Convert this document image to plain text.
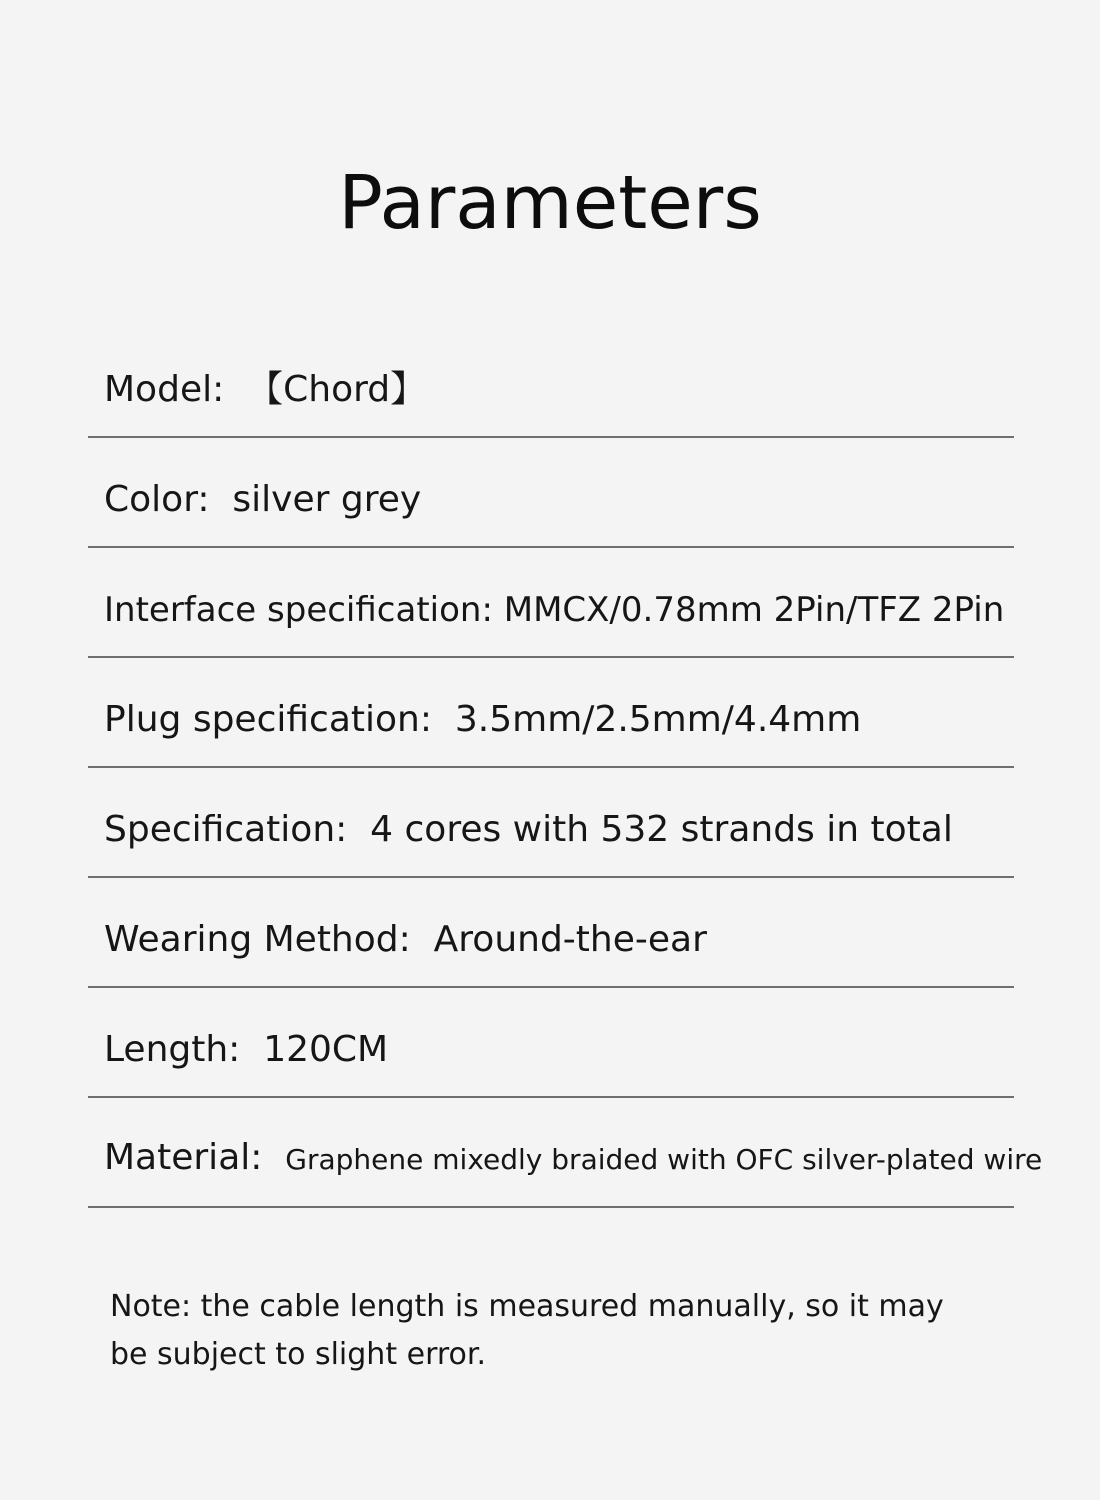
Parameters
Model: 【Chord】
Color: silver grey
Interface specification: MMCX/0.78mm 2Pin/TFZ 2Pin
Plug specification: 3.5mm/2.5mm/4.4mm
Specification: 4 cores with 532 strands in total
Wearing Method: Around-the-ear
Length: 120CM
Material: Graphene mixedly braided with OFC silver-plated wire

Note: the cable length is measured manually, so it may
be subject to slight error.
